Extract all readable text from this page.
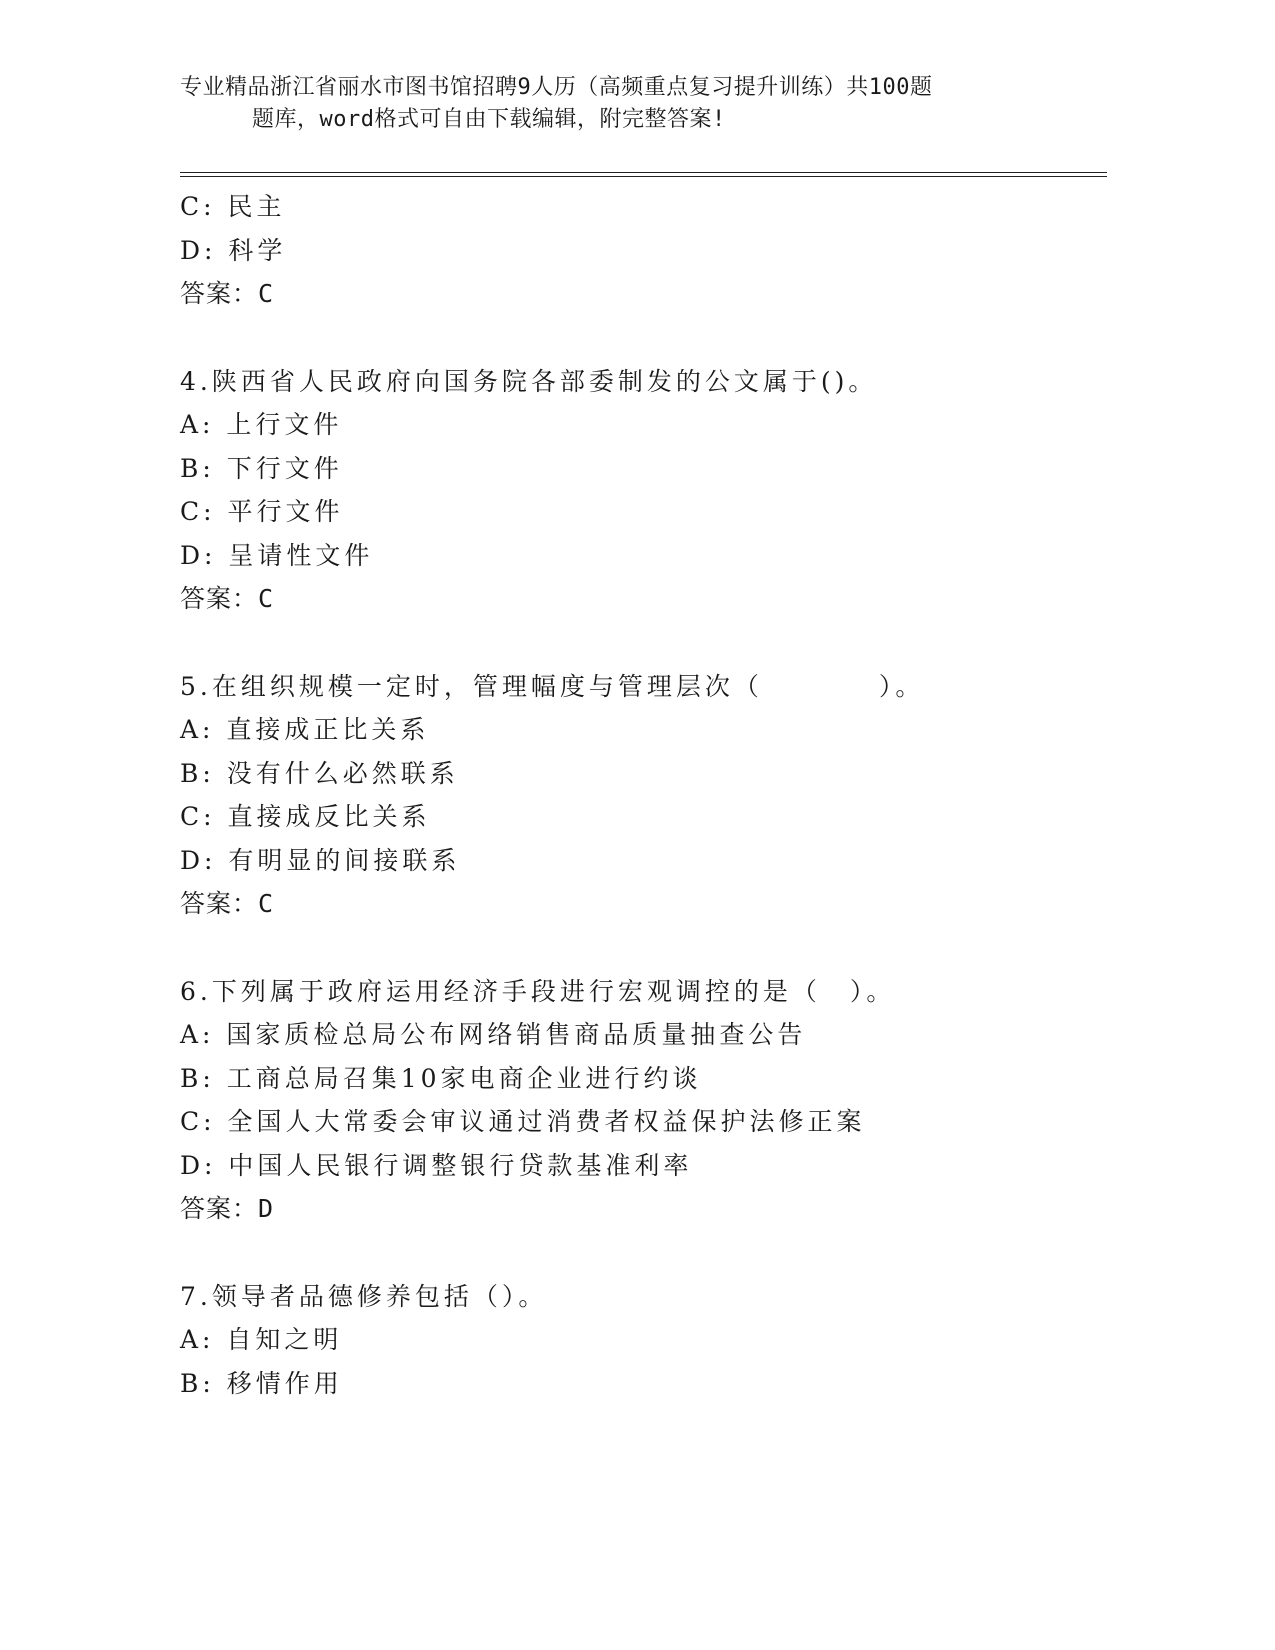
专业精品浙江省丽水市图书馆招聘9人历（高频重点复习提升训练）共100题
题库，word格式可自由下载编辑，附完整答案!
C: 民主
D: 科学
答案：C
4.陕西省人民政府向国务院各部委制发的公文属于()。
A: 上行文件
B: 下行文件
C: 平行文件
D: 呈请性文件
答案：C
5.在组织规模一定时，管理幅度与管理层次（　　　　）。
A: 直接成正比关系
B: 没有什么必然联系
C: 直接成反比关系
D: 有明显的间接联系
答案：C
6.下列属于政府运用经济手段进行宏观调控的是（　）。
A: 国家质检总局公布网络销售商品质量抽查公告
B: 工商总局召集10家电商企业进行约谈
C: 全国人大常委会审议通过消费者权益保护法修正案
D: 中国人民银行调整银行贷款基准利率
答案：D
7.领导者品德修养包括（）。
A: 自知之明
B: 移情作用
